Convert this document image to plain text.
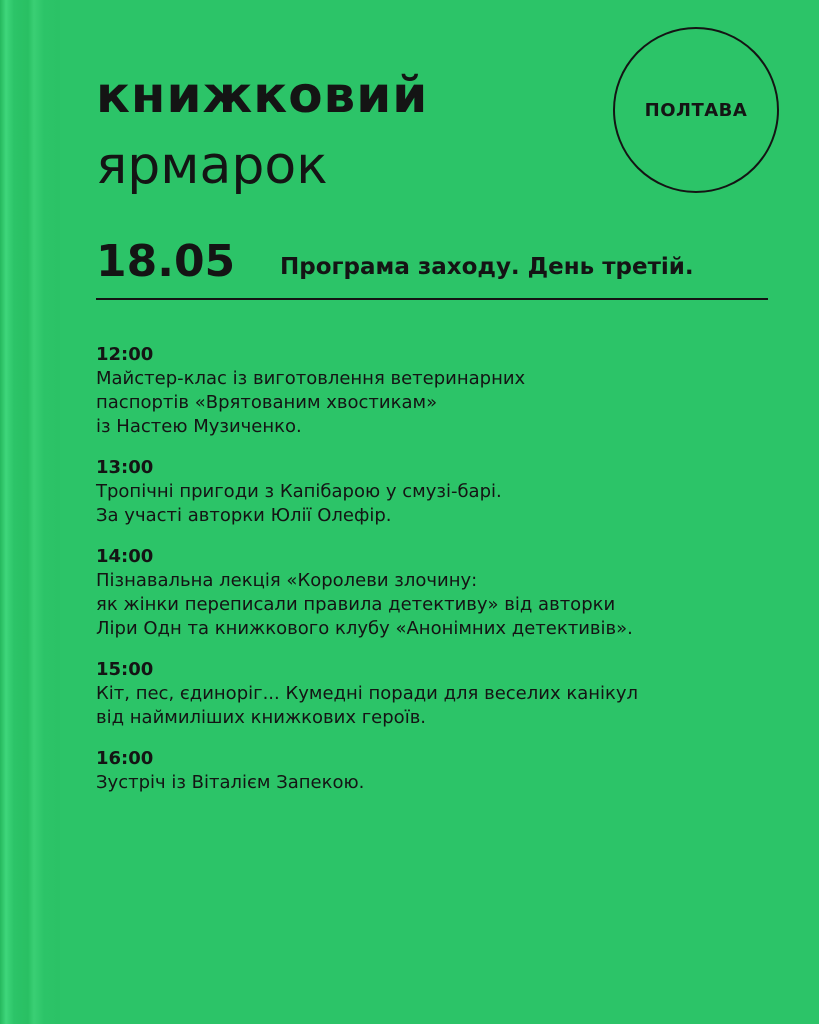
книжковий
ярмарок
ПОЛТАВА
18.05 Програма заходу. День третій.
12:00
Майстер-клас із виготовлення ветеринарних
паспортів «Врятованим хвостикам»
із Настею Музиченко.
13:00
Тропічні пригоди з Капібарою у смузі-барі.
За участі авторки Юлії Олефір.
14:00
Пізнавальна лекція «Королеви злочину:
як жінки переписали правила детективу» від авторки
Ліри Одн та книжкового клубу «Анонімних детективів».
15:00
Кіт, пес, єдиноріг... Кумедні поради для веселих канікул
від наймиліших книжкових героїв.
16:00
Зустріч із Віталієм Запекою.
